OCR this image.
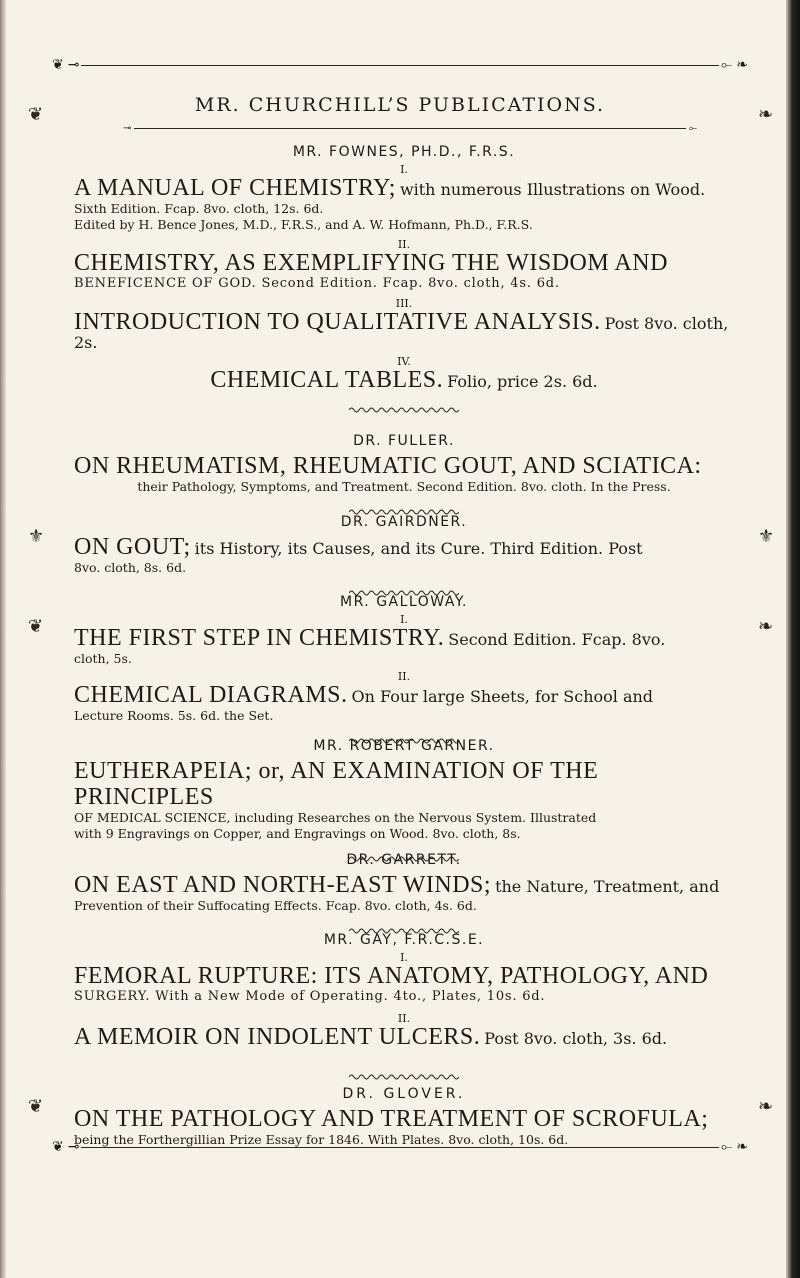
❦ ⊸	⟜ ❧
MR. CHURCHILL’S PUBLICATIONS.
⊸	⟜

MR. FOWNES, PH.D., F.R.S.

I.

A MANUAL OF CHEMISTRY; with numerous Illustrations on Wood.

Sixth Edition. Fcap. 8vo. cloth, 12s. 6d.

Edited by H. Bence Jones, M.D., F.R.S., and A. W. Hofmann, Ph.D., F.R.S.

II.

CHEMISTRY, AS EXEMPLIFYING THE WISDOM AND

BENEFICENCE OF GOD. Second Edition. Fcap. 8vo. cloth, 4s. 6d.

III.

INTRODUCTION TO QUALITATIVE ANALYSIS. Post 8vo. cloth, 2s.

IV.

CHEMICAL TABLES. Folio, price 2s. 6d.

DR. FULLER.

ON RHEUMATISM, RHEUMATIC GOUT, AND SCIATICA:

their Pathology, Symptoms, and Treatment. Second Edition. 8vo. cloth. In the Press.

DR. GAIRDNER.

ON GOUT; its History, its Causes, and its Cure. Third Edition. Post

8vo. cloth, 8s. 6d.

MR. GALLOWAY.

I.

THE FIRST STEP IN CHEMISTRY. Second Edition. Fcap. 8vo.

cloth, 5s.

II.

CHEMICAL DIAGRAMS. On Four large Sheets, for School and

Lecture Rooms. 5s. 6d. the Set.

MR. ROBERT GARNER.

EUTHERAPEIA; or, AN EXAMINATION OF THE PRINCIPLES

OF MEDICAL SCIENCE, including Researches on the Nervous System. Illustrated

with 9 Engravings on Copper, and Engravings on Wood. 8vo. cloth, 8s.

DR. GARRETT.

ON EAST AND NORTH-EAST WINDS; the Nature, Treatment, and

Prevention of their Suffocating Effects. Fcap. 8vo. cloth, 4s. 6d.

MR. GAY, F.R.C.S.E.

I.

FEMORAL RUPTURE: ITS ANATOMY, PATHOLOGY, AND

SURGERY. With a New Mode of Operating. 4to., Plates, 10s. 6d.

II.

A MEMOIR ON INDOLENT ULCERS. Post 8vo. cloth, 3s. 6d.

DR. GLOVER.

ON THE PATHOLOGY AND TREATMENT OF SCROFULA;

being the Forthergillian Prize Essay for 1846. With Plates. 8vo. cloth, 10s. 6d.

❦ ⊸	⟜ ❧
❦
⚜
❦
❦
❧
⚜
❧
❧
